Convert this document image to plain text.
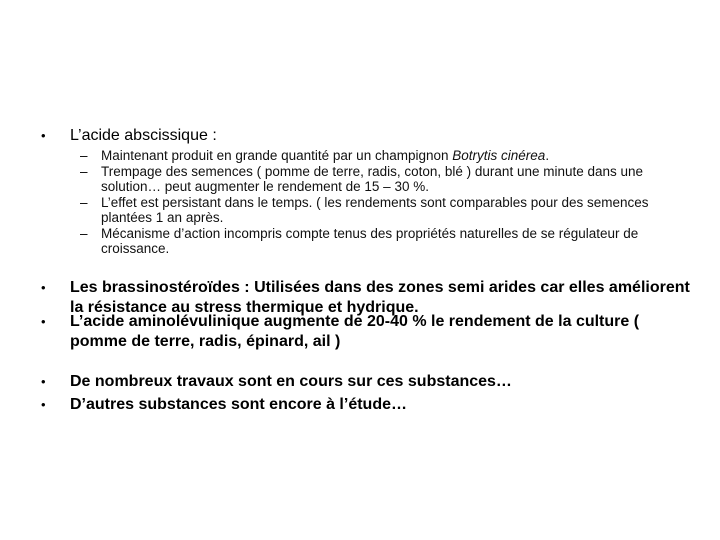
•	L’acide abscissique :
– Maintenant produit en grande quantité par un champignon Botrytis cinérea.
– Trempage des semences ( pomme de terre, radis, coton, blé ) durant une minute dans une solution… peut augmenter le rendement de 15 – 30 %.
– L’effet est persistant dans le temps. ( les rendements sont comparables pour des semences plantées 1 an après.
– Mécanisme d’action incompris compte tenus des propriétés naturelles de se régulateur de croissance.
•	Les brassinostéroïdes : Utilisées dans des zones semi arides car elles améliorent la résistance au stress thermique et hydrique.
•	L’acide aminolévulinique augmente de 20-40 % le rendement de la culture ( pomme de terre, radis, épinard, ail )
•	De nombreux travaux sont en cours sur ces substances…
•	D’autres substances sont encore à l’étude…
